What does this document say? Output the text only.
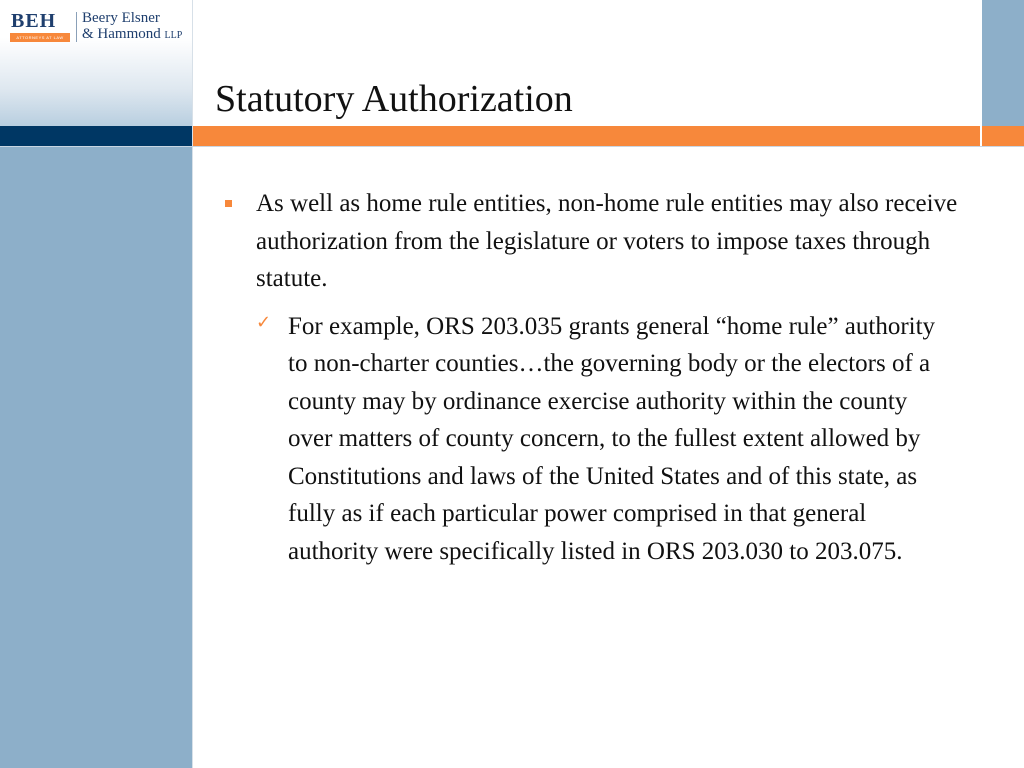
BEH
ATTORNEYS AT LAW
Beery Elsner
& Hammond LLP
Statutory Authorization
As well as home rule entities, non-home rule entities may also receive authorization from the legislature or voters to impose taxes through statute.
✓ For example, ORS 203.035 grants general “home rule” authority to non-charter counties…the governing body or the electors of a county may by ordinance exercise authority within the county over matters of county concern, to the fullest extent allowed by Constitutions and laws of the United States and of this state, as fully as if each particular power comprised in that general authority were specifically listed in ORS 203.030 to 203.075.
